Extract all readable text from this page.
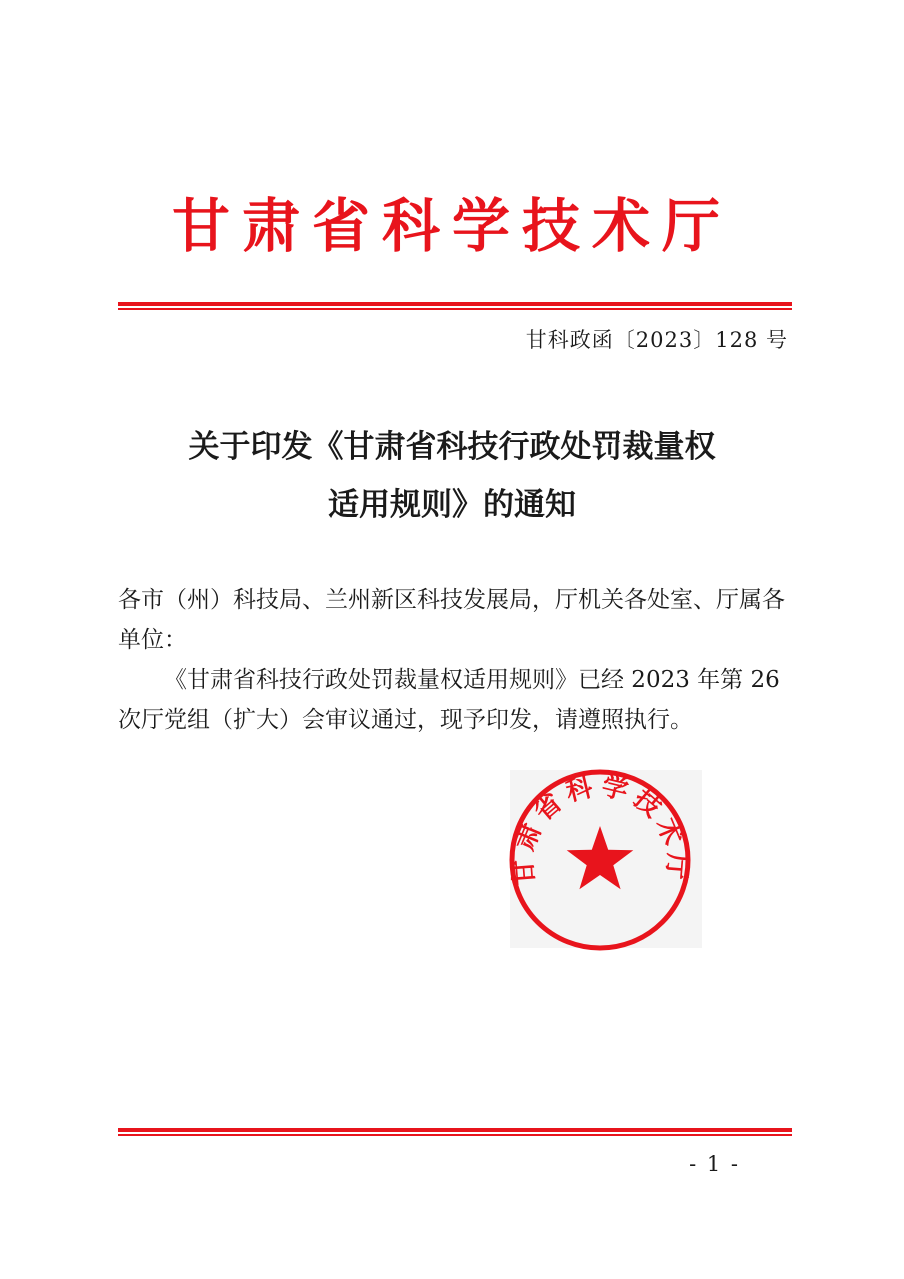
甘肃省科学技术厅
甘科政函〔2023〕128 号
关于印发《甘肃省科技行政处罚裁量权
适用规则》的通知

各市（州）科技局、兰州新区科技发展局，厅机关各处室、厅属各单位：

《甘肃省科技行政处罚裁量权适用规则》已经 2023 年第 26 次厅党组（扩大）会审议通过，现予印发，请遵照执行。

甘肃省科学技术厅
- 1 -
